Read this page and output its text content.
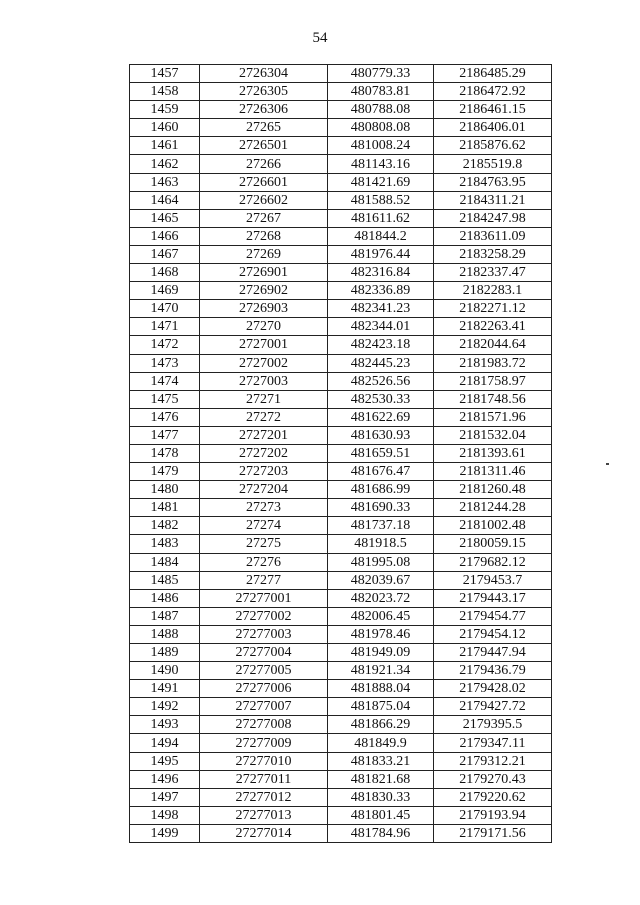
54
1457	2726304	480779.33	2186485.29
1458	2726305	480783.81	2186472.92
1459	2726306	480788.08	2186461.15
1460	27265	480808.08	2186406.01
1461	2726501	481008.24	2185876.62
1462	27266	481143.16	2185519.8
1463	2726601	481421.69	2184763.95
1464	2726602	481588.52	2184311.21
1465	27267	481611.62	2184247.98
1466	27268	481844.2	2183611.09
1467	27269	481976.44	2183258.29
1468	2726901	482316.84	2182337.47
1469	2726902	482336.89	2182283.1
1470	2726903	482341.23	2182271.12
1471	27270	482344.01	2182263.41
1472	2727001	482423.18	2182044.64
1473	2727002	482445.23	2181983.72
1474	2727003	482526.56	2181758.97
1475	27271	482530.33	2181748.56
1476	27272	481622.69	2181571.96
1477	2727201	481630.93	2181532.04
1478	2727202	481659.51	2181393.61
1479	2727203	481676.47	2181311.46
1480	2727204	481686.99	2181260.48
1481	27273	481690.33	2181244.28
1482	27274	481737.18	2181002.48
1483	27275	481918.5	2180059.15
1484	27276	481995.08	2179682.12
1485	27277	482039.67	2179453.7
1486	27277001	482023.72	2179443.17
1487	27277002	482006.45	2179454.77
1488	27277003	481978.46	2179454.12
1489	27277004	481949.09	2179447.94
1490	27277005	481921.34	2179436.79
1491	27277006	481888.04	2179428.02
1492	27277007	481875.04	2179427.72
1493	27277008	481866.29	2179395.5
1494	27277009	481849.9	2179347.11
1495	27277010	481833.21	2179312.21
1496	27277011	481821.68	2179270.43
1497	27277012	481830.33	2179220.62
1498	27277013	481801.45	2179193.94
1499	27277014	481784.96	2179171.56
